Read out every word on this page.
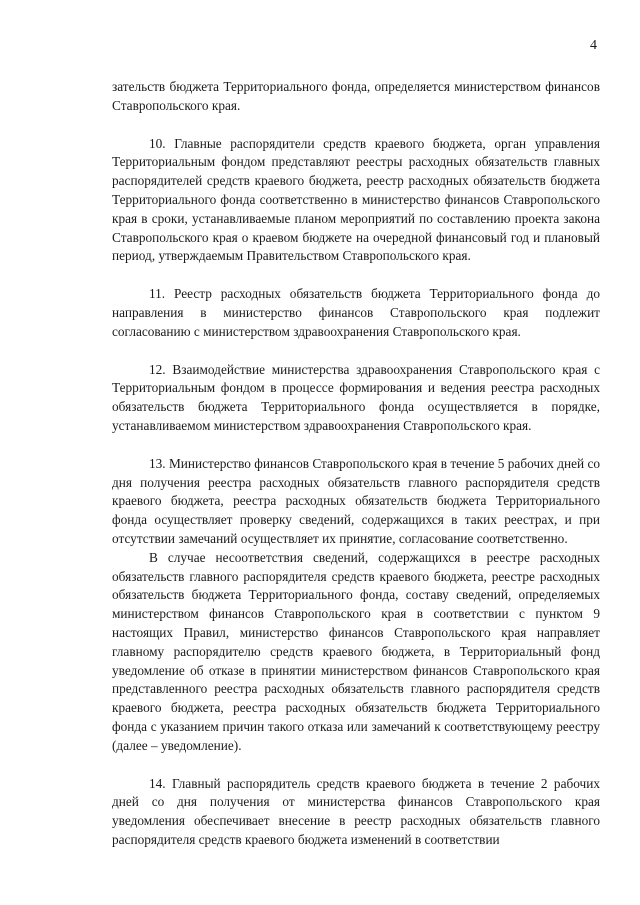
4

зательств бюджета Территориального фонда, определяется министерством финансов Ставропольского края.

10. Главные распорядители средств краевого бюджета, орган управления Территориальным фондом представляют реестры расходных обязательств главных распорядителей средств краевого бюджета, реестр расходных обязательств бюджета Территориального фонда соответственно в министерство финансов Ставропольского края в сроки, устанавливаемые планом мероприятий по составлению проекта закона Ставропольского края о краевом бюджете на очередной финансовый год и плановый период, утверждаемым Правительством Ставропольского края.

11. Реестр расходных обязательств бюджета Территориального фонда до направления в министерство финансов Ставропольского края подлежит согласованию с министерством здравоохранения Ставропольского края.

12. Взаимодействие министерства здравоохранения Ставропольского края с Территориальным фондом в процессе формирования и ведения реестра расходных обязательств бюджета Территориального фонда осуществляется в порядке, устанавливаемом министерством здравоохранения Ставропольского края.

13. Министерство финансов Ставропольского края в течение 5 рабочих дней со дня получения реестра расходных обязательств главного распорядителя средств краевого бюджета, реестра расходных обязательств бюджета Территориального фонда осуществляет проверку сведений, содержащихся в таких реестрах, и при отсутствии замечаний осуществляет их принятие, согласование соответственно.

В случае несоответствия сведений, содержащихся в реестре расходных обязательств главного распорядителя средств краевого бюджета, реестре расходных обязательств бюджета Территориального фонда, составу сведений, определяемых министерством финансов Ставропольского края в соответствии с пунктом 9 настоящих Правил, министерство финансов Ставропольского края направляет главному распорядителю средств краевого бюджета, в Территориальный фонд уведомление об отказе в принятии министерством финансов Ставропольского края представленного реестра расходных обязательств главного распорядителя средств краевого бюджета, реестра расходных обязательств бюджета Территориального фонда с указанием причин такого отказа или замечаний к соответствующему реестру (далее – уведомление).

14. Главный распорядитель средств краевого бюджета в течение 2 рабочих дней со дня получения от министерства финансов Ставропольского края уведомления обеспечивает внесение в реестр расходных обязательств главного распорядителя средств краевого бюджета изменений в соответствии
